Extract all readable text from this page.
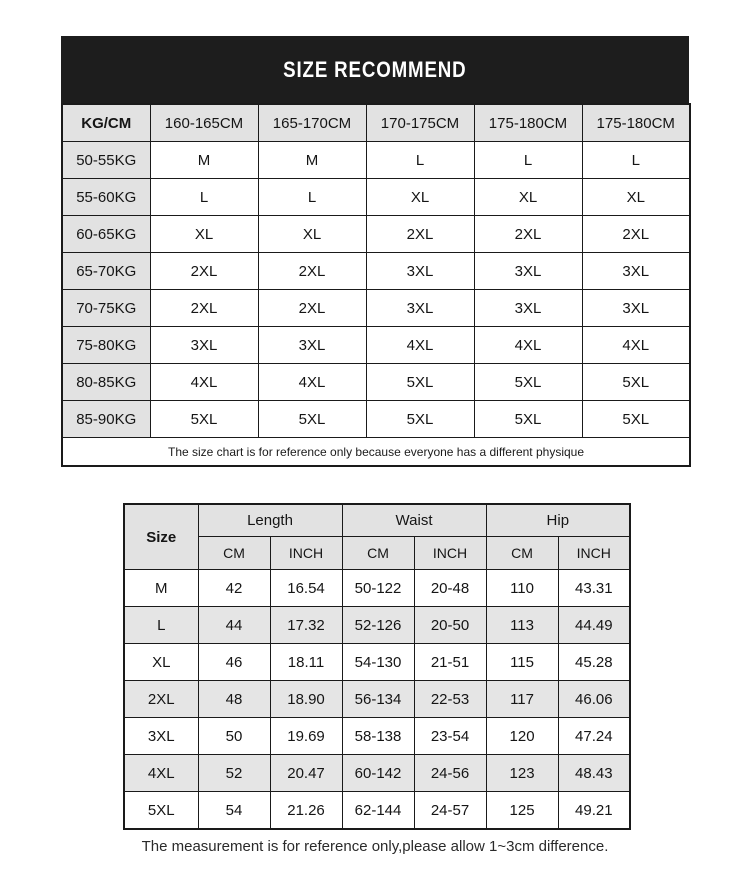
SIZE RECOMMEND
KG/CM	160-165CM	165-170CM	170-175CM	175-180CM	175-180CM
50-55KG	M	M	L	L	L
55-60KG	L	L	XL	XL	XL
60-65KG	XL	XL	2XL	2XL	2XL
65-70KG	2XL	2XL	3XL	3XL	3XL
70-75KG	2XL	2XL	3XL	3XL	3XL
75-80KG	3XL	3XL	4XL	4XL	4XL
80-85KG	4XL	4XL	5XL	5XL	5XL
85-90KG	5XL	5XL	5XL	5XL	5XL
The size chart is for reference only because everyone has a different physique					
Size	Length		Waist		Hip	
	CM	INCH	CM	INCH	CM	INCH
M	42	16.54	50-122	20-48	110	43.31
L	44	17.32	52-126	20-50	113	44.49
XL	46	18.11	54-130	21-51	115	45.28
2XL	48	18.90	56-134	22-53	117	46.06
3XL	50	19.69	58-138	23-54	120	47.24
4XL	52	20.47	60-142	24-56	123	48.43
5XL	54	21.26	62-144	24-57	125	49.21
The measurement is for reference only,please allow 1~3cm difference.
